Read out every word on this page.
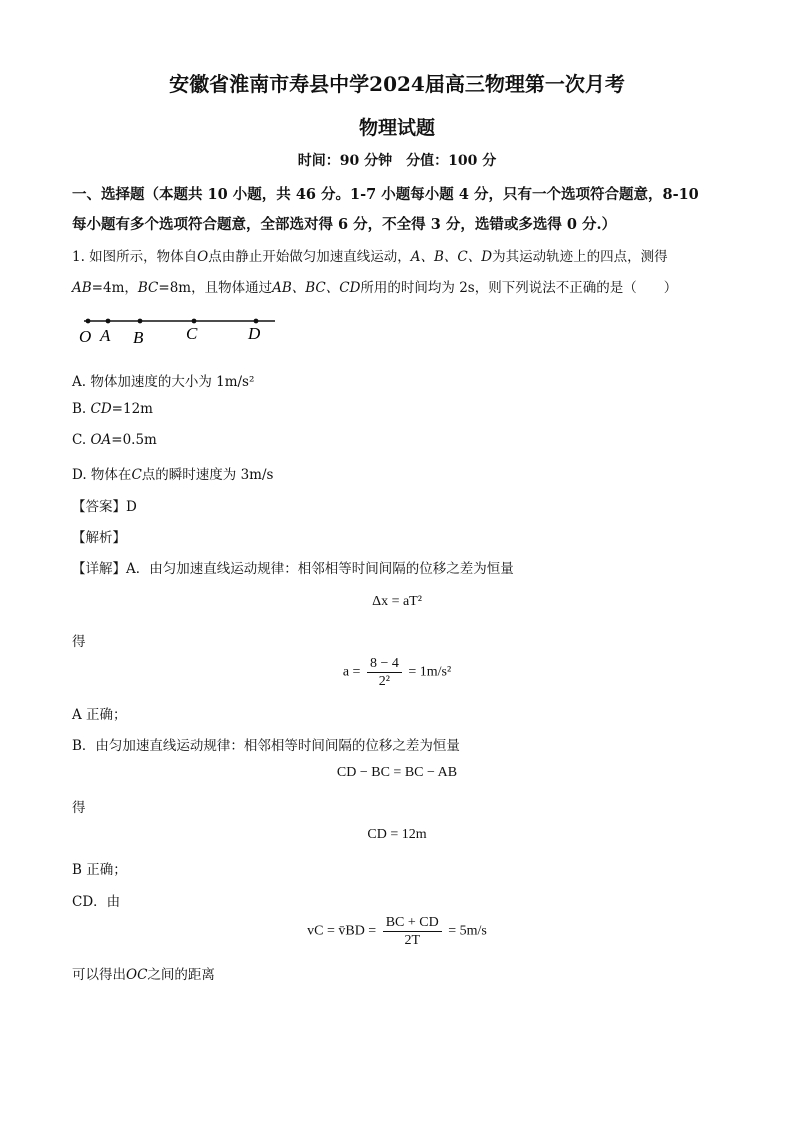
安徽省淮南市寿县中学2024届高三物理第一次月考
物理试题
时间：90 分钟　分值：100 分
一、选择题（本题共 10 小题，共 46 分。1-7 小题每小题 4 分，只有一个选项符合题意，8-10
每小题有多个选项符合题意，全部选对得 6 分，不全得 3 分，选错或多选得 0 分.）
1. 如图所示，物体自O点由静止开始做匀加速直线运动，A、B、C、D为其运动轨迹上的四点，测得
AB=4m，BC=8m，且物体通过AB、BC、CD所用的时间均为 2s，则下列说法不正确的是（　　）
O A B	C	D
A. 物体加速度的大小为 1m/s²
B. CD=12m
C. OA=0.5m
D. 物体在C点的瞬时速度为 3m/s
【答案】D
【解析】
【详解】A．由匀加速直线运动规律：相邻相等时间间隔的位移之差为恒量
Δx = aT²
得
$a = \frac{8 - 4}{\text{2²}} = 1m/s^2$
A 正确；
B．由匀加速直线运动规律：相邻相等时间间隔的位移之差为恒量
CD − BC = BC − AB
得
CD = 12m
B 正确；
CD．由
vC = v̄BD = $\frac{BC + CD}{2T} = 5m/s$
可以得出OC之间的距离
